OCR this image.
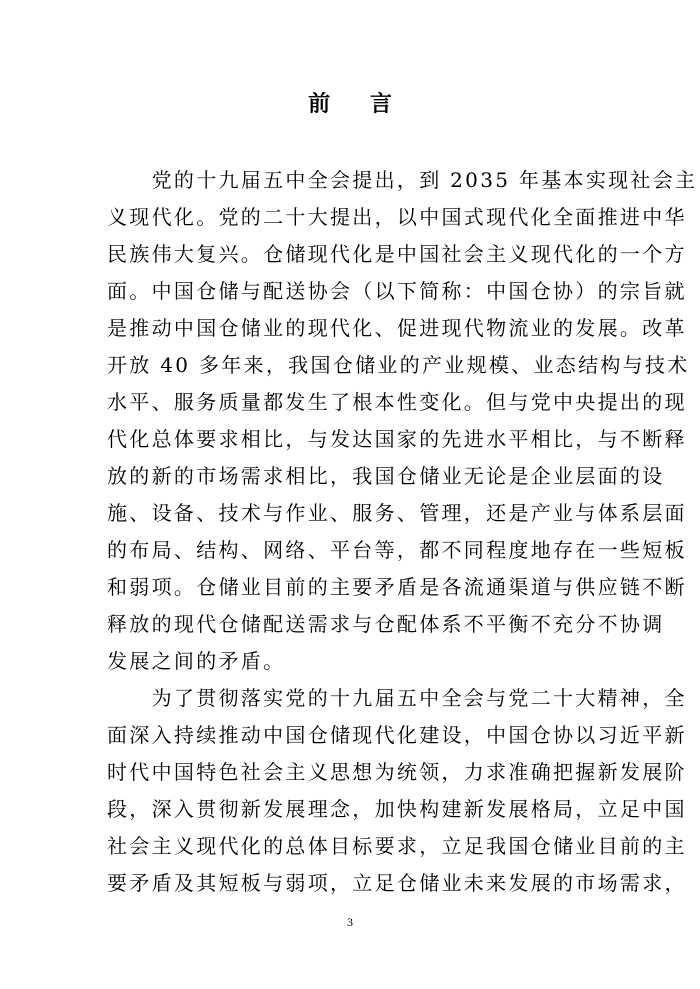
前 言
　　党的十九届五中全会提出，到 2035 年基本实现社会主
义现代化。党的二十大提出，以中国式现代化全面推进中华
民族伟大复兴。仓储现代化是中国社会主义现代化的一个方
面。中国仓储与配送协会（以下简称：中国仓协）的宗旨就
是推动中国仓储业的现代化、促进现代物流业的发展。改革
开放 40 多年来，我国仓储业的产业规模、业态结构与技术
水平、服务质量都发生了根本性变化。但与党中央提出的现
代化总体要求相比，与发达国家的先进水平相比，与不断释
放的新的市场需求相比，我国仓储业无论是企业层面的设
施、设备、技术与作业、服务、管理，还是产业与体系层面
的布局、结构、网络、平台等，都不同程度地存在一些短板
和弱项。仓储业目前的主要矛盾是各流通渠道与供应链不断
释放的现代仓储配送需求与仓配体系不平衡不充分不协调
发展之间的矛盾。
　　为了贯彻落实党的十九届五中全会与党二十大精神，全
面深入持续推动中国仓储现代化建设，中国仓协以习近平新
时代中国特色社会主义思想为统领，力求准确把握新发展阶
段，深入贯彻新发展理念，加快构建新发展格局，立足中国
社会主义现代化的总体目标要求，立足我国仓储业目前的主
要矛盾及其短板与弱项，立足仓储业未来发展的市场需求，
3
